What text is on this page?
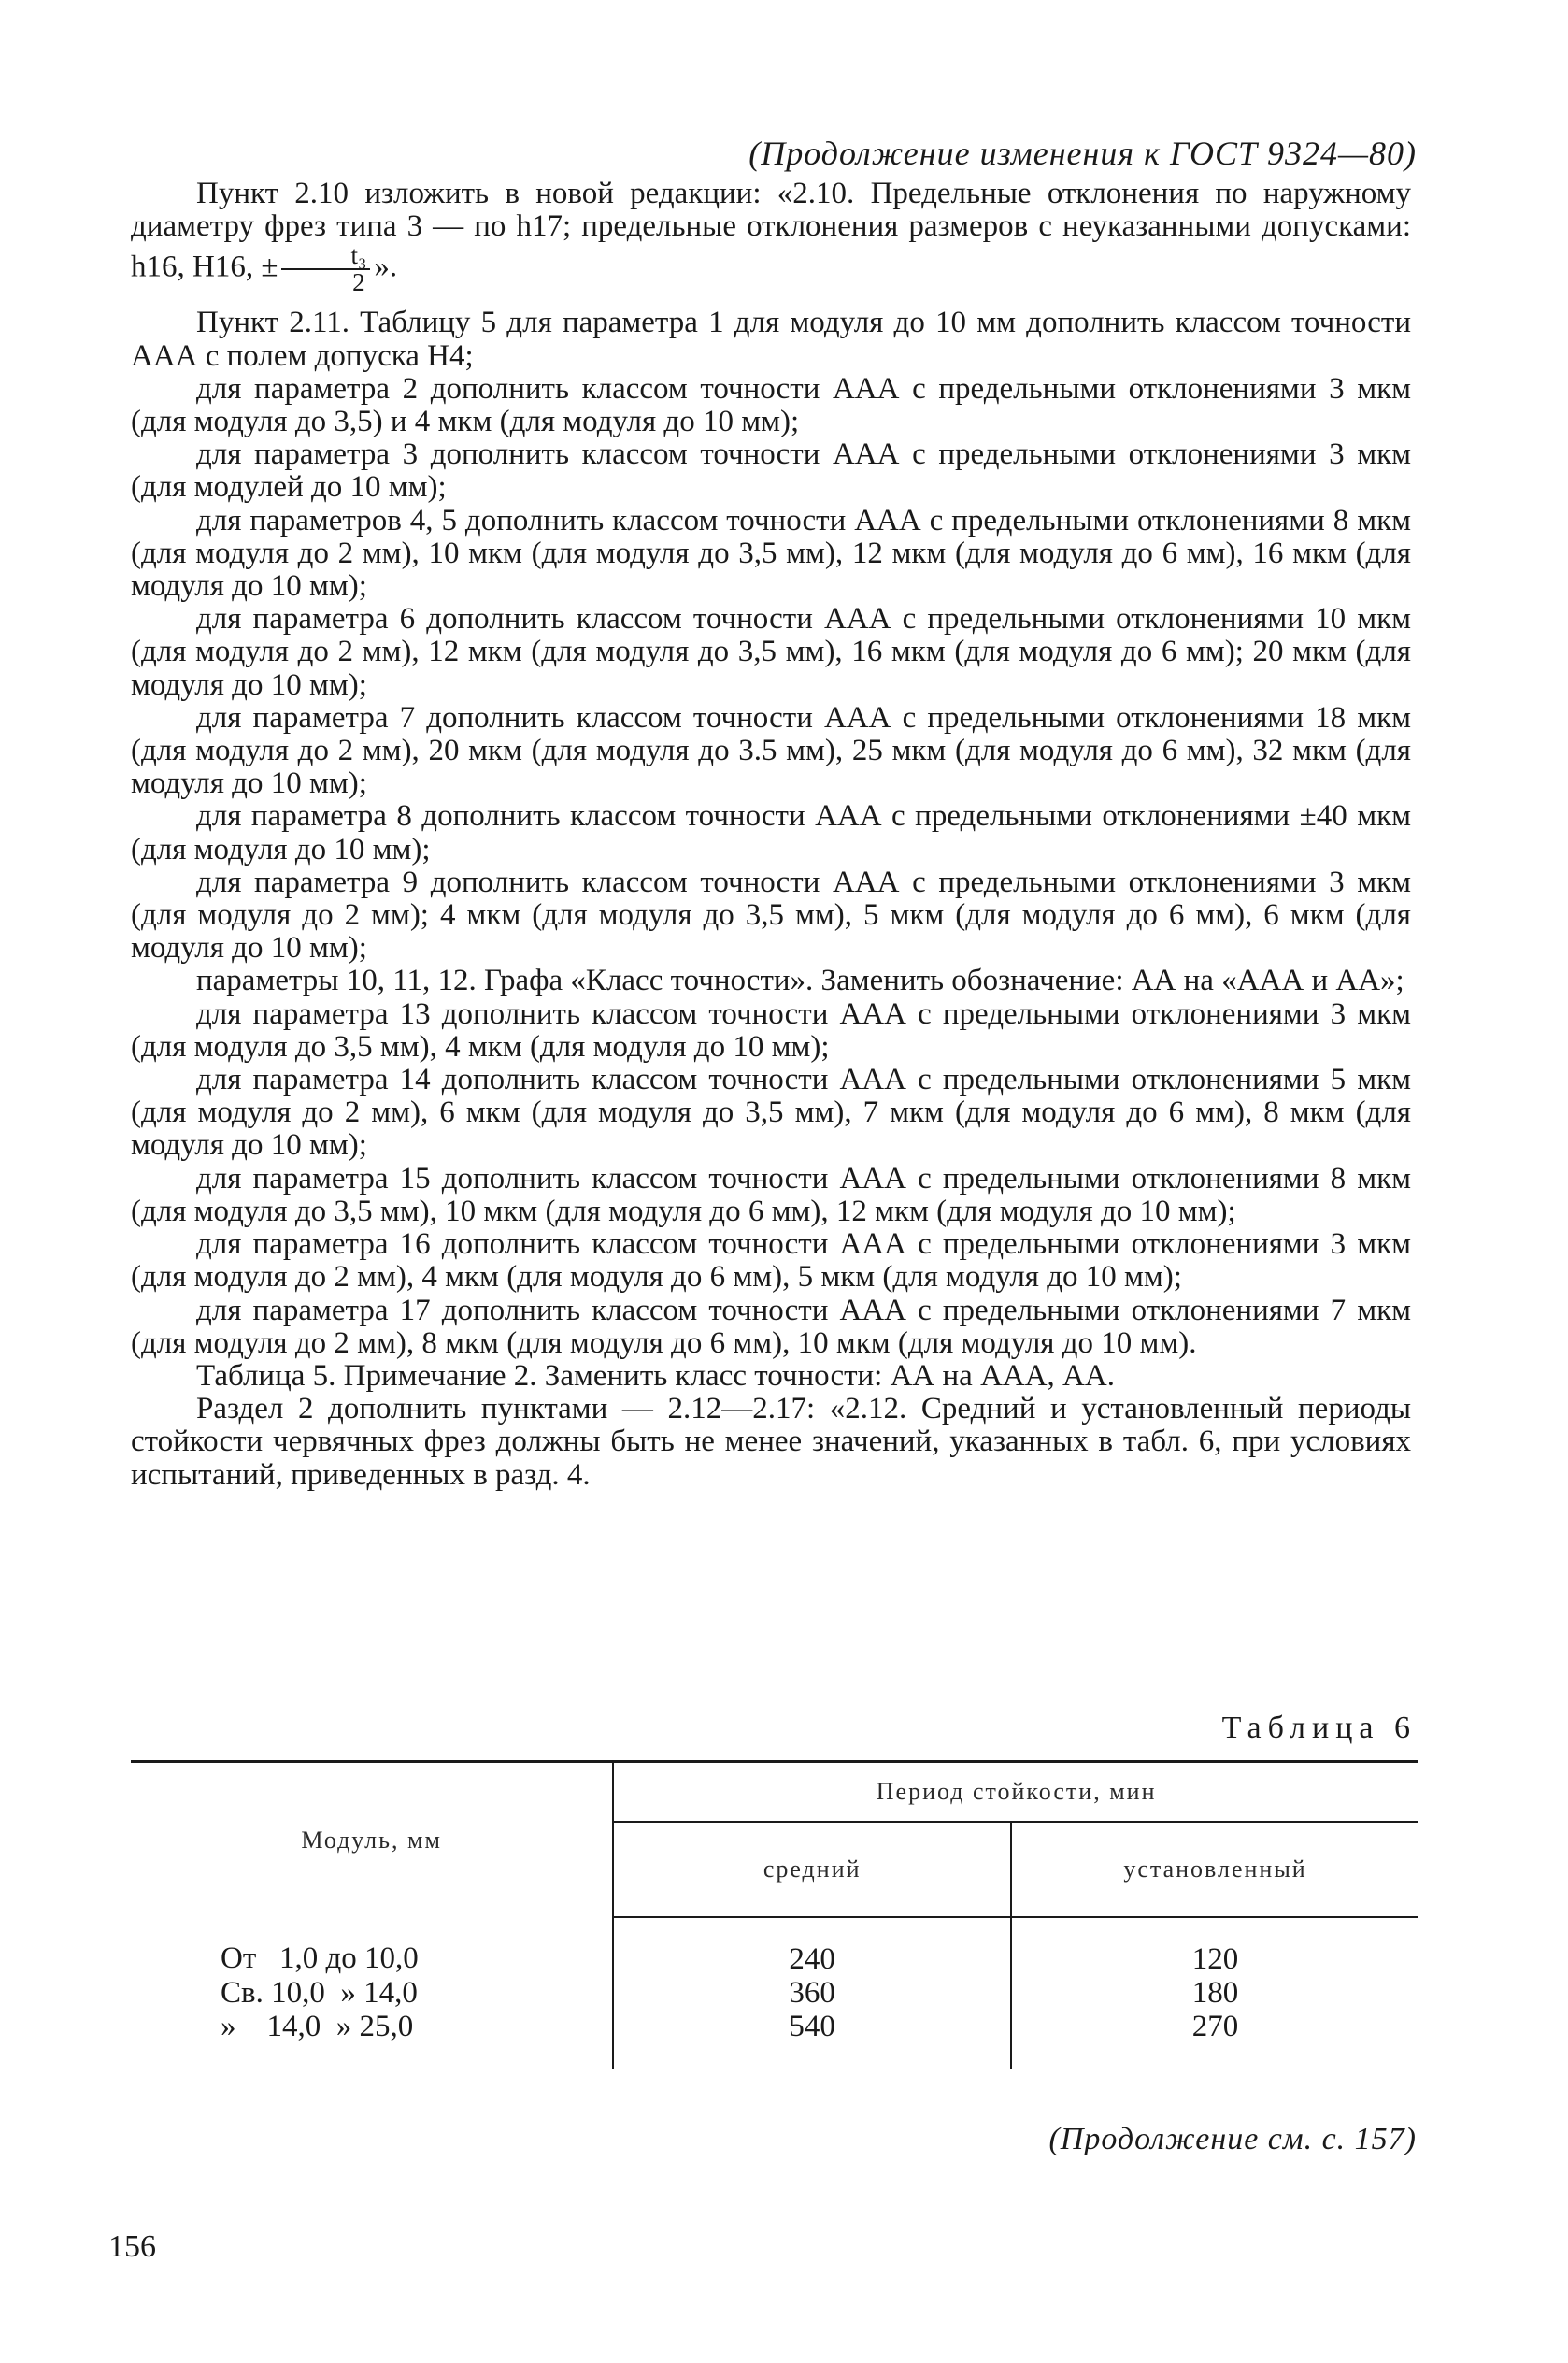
(Продолжение изменения к ГОСТ 9324—80)

Пункт 2.10 изложить в новой редакции: «2.10. Предельные отклонения по наружному диаметру фрез типа 3 — по h17; предельные отклонения размеров с неуказанными допусками: h16, H16, ± $\frac{\text{t₃}}{2}$ ».

Пункт 2.11. Таблицу 5 для параметра 1 для модуля до 10 мм дополнить классом точности ААА с полем допуска Н4;

для параметра 2 дополнить классом точности ААА с предельными отклонениями 3 мкм (для модуля до 3,5) и 4 мкм (для модуля до 10 мм);

для параметра 3 дополнить классом точности ААА с предельными отклонениями 3 мкм (для модулей до 10 мм);

для параметров 4, 5 дополнить классом точности ААА с предельными отклонениями 8 мкм (для модуля до 2 мм), 10 мкм (для модуля до 3,5 мм), 12 мкм (для модуля до 6 мм), 16 мкм (для модуля до 10 мм);

для параметра 6 дополнить классом точности ААА с предельными отклонениями 10 мкм (для модуля до 2 мм), 12 мкм (для модуля до 3,5 мм), 16 мкм (для модуля до 6 мм); 20 мкм (для модуля до 10 мм);

для параметра 7 дополнить классом точности ААА с предельными отклонениями 18 мкм (для модуля до 2 мм), 20 мкм (для модуля до 3.5 мм), 25 мкм (для модуля до 6 мм), 32 мкм (для модуля до 10 мм);

для параметра 8 дополнить классом точности ААА с предельными отклонениями ±40 мкм (для модуля до 10 мм);

для параметра 9 дополнить классом точности ААА с предельными отклонениями 3 мкм (для модуля до 2 мм); 4 мкм (для модуля до 3,5 мм), 5 мкм (для модуля до 6 мм), 6 мкм (для модуля до 10 мм);

параметры 10, 11, 12. Графа «Класс точности». Заменить обозначение: АА на «ААА и АА»;

для параметра 13 дополнить классом точности ААА с предельными отклонениями 3 мкм (для модуля до 3,5 мм), 4 мкм (для модуля до 10 мм);

для параметра 14 дополнить классом точности ААА с предельными отклонениями 5 мкм (для модуля до 2 мм), 6 мкм (для модуля до 3,5 мм), 7 мкм (для модуля до 6 мм), 8 мкм (для модуля до 10 мм);

для параметра 15 дополнить классом точности ААА с предельными отклонениями 8 мкм (для модуля до 3,5 мм), 10 мкм (для модуля до 6 мм), 12 мкм (для модуля до 10 мм);

для параметра 16 дополнить классом точности ААА с предельными отклонениями 3 мкм (для модуля до 2 мм), 4 мкм (для модуля до 6 мм), 5 мкм (для модуля до 10 мм);

для параметра 17 дополнить классом точности ААА с предельными отклонениями 7 мкм (для модуля до 2 мм), 8 мкм (для модуля до 6 мм), 10 мкм (для модуля до 10 мм).

Таблица 5. Примечание 2. Заменить класс точности: АА на ААА, АА.

Раздел 2 дополнить пунктами — 2.12—2.17: «2.12. Средний и установленный периоды стойкости червячных фрез должны быть не менее значений, указанных в табл. 6, при условиях испытаний, приведенных в разд. 4.

Таблица 6
Модуль, мм	Период стойкости, мин	
	средний	установленный
От   1,0 до 10,0	240	120
Св. 10,0  » 14,0	360	180
»    14,0  » 25,0	540	270
(Продолжение см. с. 157)
156
